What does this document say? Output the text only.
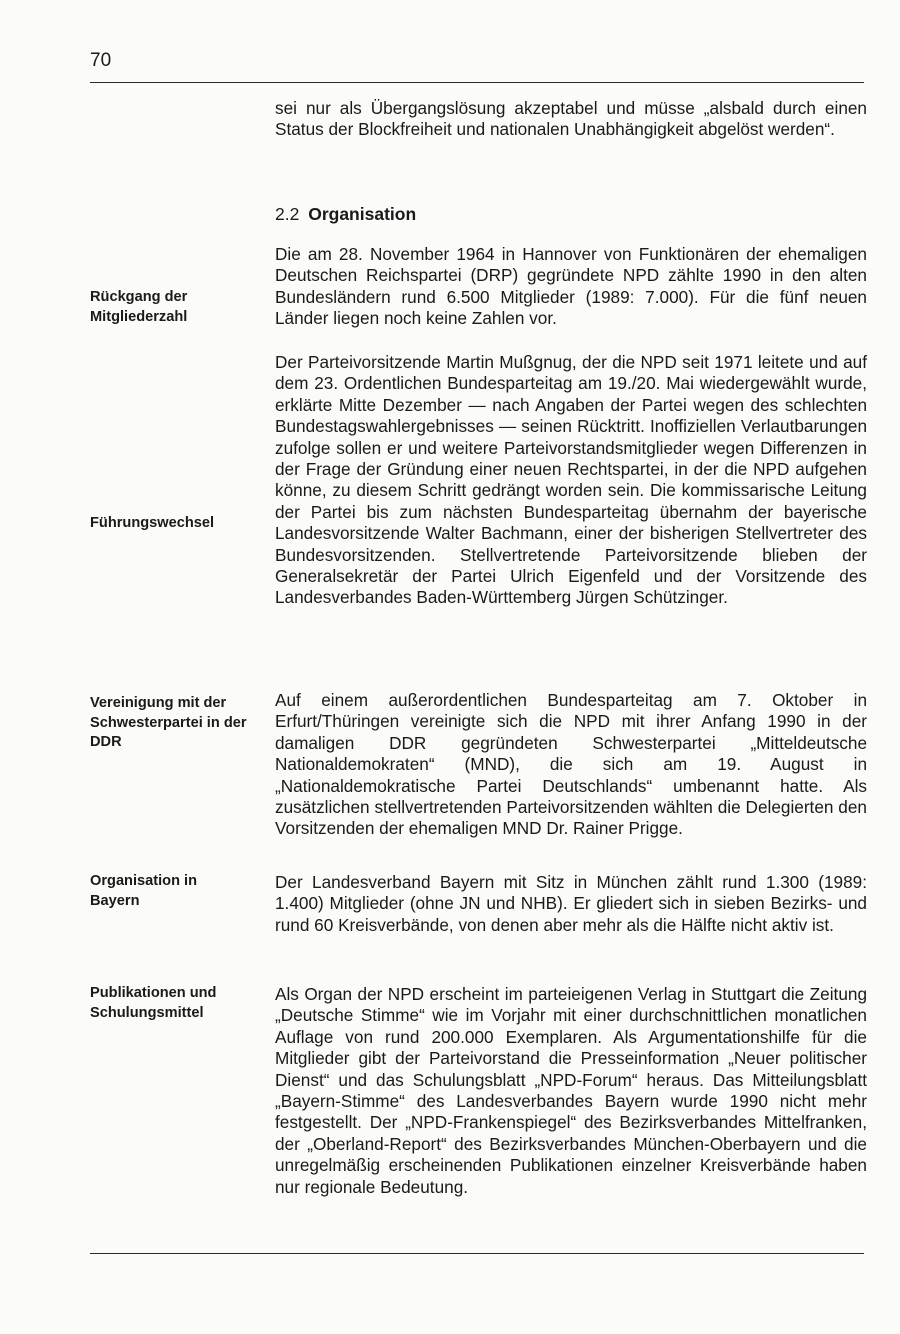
70

Rückgang der Mitgliederzahl

Führungswechsel

Vereinigung mit der Schwesterpartei in der DDR

Organisation in Bayern

Publikationen und Schulungsmittel

2.2 Organisation

sei nur als Übergangslösung akzeptabel und müsse „alsbald durch einen Status der Blockfreiheit und nationalen Unabhängigkeit abgelöst werden“.

Die am 28. November 1964 in Hannover von Funktionären der ehemaligen Deutschen Reichspartei (DRP) gegründete NPD zählte 1990 in den alten Bundesländern rund 6.500 Mitglieder (1989: 7.000). Für die fünf neuen Länder liegen noch keine Zahlen vor.

Der Parteivorsitzende Martin Mußgnug, der die NPD seit 1971 leitete und auf dem 23. Ordentlichen Bundesparteitag am 19./20. Mai wiedergewählt wurde, erklärte Mitte Dezember — nach Angaben der Partei wegen des schlechten Bundestagswahlergebnisses — seinen Rücktritt. Inoffiziellen Verlautbarungen zufolge sollen er und weitere Parteivorstandsmitglieder wegen Differenzen in der Frage der Gründung einer neuen Rechtspartei, in der die NPD aufgehen könne, zu diesem Schritt gedrängt worden sein. Die kommissarische Leitung der Partei bis zum nächsten Bundesparteitag übernahm der bayerische Landesvorsitzende Walter Bachmann, einer der bisherigen Stellvertreter des Bundesvorsitzenden. Stellvertretende Parteivorsitzende blieben der Generalsekretär der Partei Ulrich Eigenfeld und der Vorsitzende des Landesverbandes Baden-Württemberg Jürgen Schützinger.

Auf einem außerordentlichen Bundesparteitag am 7. Oktober in Erfurt/Thüringen vereinigte sich die NPD mit ihrer Anfang 1990 in der damaligen DDR gegründeten Schwesterpartei „Mitteldeutsche Nationaldemokraten“ (MND), die sich am 19. August in „Nationaldemokratische Partei Deutschlands“ umbenannt hatte. Als zusätzlichen stellvertretenden Parteivorsitzenden wählten die Delegierten den Vorsitzenden der ehemaligen MND Dr. Rainer Prigge.

Der Landesverband Bayern mit Sitz in München zählt rund 1.300 (1989: 1.400) Mitglieder (ohne JN und NHB). Er gliedert sich in sieben Bezirks- und rund 60 Kreisverbände, von denen aber mehr als die Hälfte nicht aktiv ist.

Als Organ der NPD erscheint im parteieigenen Verlag in Stuttgart die Zeitung „Deutsche Stimme“ wie im Vorjahr mit einer durchschnittlichen monatlichen Auflage von rund 200.000 Exemplaren. Als Argumentationshilfe für die Mitglieder gibt der Parteivorstand die Presseinformation „Neuer politischer Dienst“ und das Schulungsblatt „NPD-Forum“ heraus. Das Mitteilungsblatt „Bayern-Stimme“ des Landesverbandes Bayern wurde 1990 nicht mehr festgestellt. Der „NPD-Frankenspiegel“ des Bezirksverbandes Mittelfranken, der „Oberland-Report“ des Bezirksverbandes München-Oberbayern und die unregelmäßig erscheinenden Publikationen einzelner Kreisverbände haben nur regionale Bedeutung.
